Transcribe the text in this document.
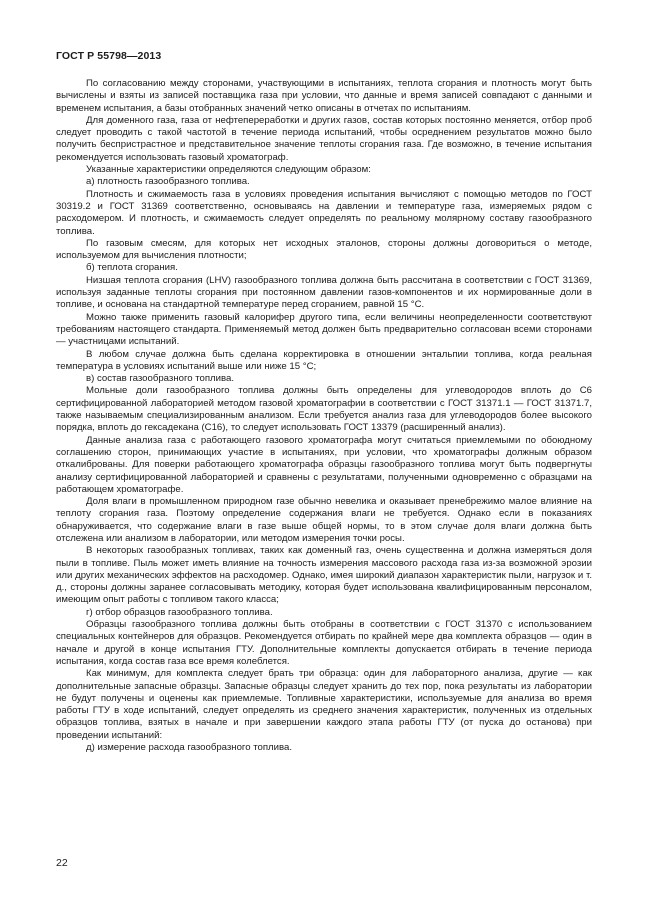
ГОСТ Р 55798—2013

По согласованию между сторонами, участвующими в испытаниях, теплота сгорания и плотность могут быть вычислены и взяты из записей поставщика газа при условии, что данные и время записей совпадают с данными и временем испытания, а базы отобранных значений четко описаны в отчетах по испытаниям.

Для доменного газа, газа от нефтепереработки и других газов, состав которых постоянно меняется, отбор проб следует проводить с такой частотой в течение периода испытаний, чтобы осреднением результатов можно было получить беспристрастное и представительное значение теплоты сгорания газа. Где возможно, в течение испытания рекомендуется использовать газовый хроматограф.

Указанные характеристики определяются следующим образом:

а) плотность газообразного топлива.

Плотность и сжимаемость газа в условиях проведения испытания вычисляют с помощью методов по ГОСТ 30319.2 и ГОСТ 31369 соответственно, основываясь на давлении и температуре газа, измеряемых рядом с расходомером. И плотность, и сжимаемость следует определять по реальному молярному составу газообразного топлива.

По газовым смесям, для которых нет исходных эталонов, стороны должны договориться о методе, используемом для вычисления плотности;

б) теплота сгорания.

Низшая теплота сгорания (LHV) газообразного топлива должна быть рассчитана в соответствии с ГОСТ 31369, используя заданные теплоты сгорания при постоянном давлении газов-компонентов и их нормированные доли в топливе, и основана на стандартной температуре перед сгоранием, равной 15 °С.

Можно также применить газовый калорифер другого типа, если величины неопределенности соответствуют требованиям настоящего стандарта. Применяемый метод должен быть предварительно согласован всеми сторонами — участницами испытаний.

В любом случае должна быть сделана корректировка в отношении энтальпии топлива, когда реальная температура в условиях испытаний выше или ниже 15 °С;

в) состав газообразного топлива.

Мольные доли газообразного топлива должны быть определены для углеводородов вплоть до С6 сертифицированной лабораторией методом газовой хроматографии в соответствии с ГОСТ 31371.1 — ГОСТ 31371.7, также называемым специализированным анализом. Если требуется анализ газа для углеводородов более высокого порядка, вплоть до гексадекана (С16), то следует использовать ГОСТ 13379 (расширенный анализ).

Данные анализа газа с работающего газового хроматографа могут считаться приемлемыми по обоюдному соглашению сторон, принимающих участие в испытаниях, при условии, что хроматографы должным образом откалиброваны. Для поверки работающего хроматографа образцы газообразного топлива могут быть подвергнуты анализу сертифицированной лабораторией и сравнены с результатами, полученными одновременно с образцами на работающем хроматографе.

Доля влаги в промышленном природном газе обычно невелика и оказывает пренебрежимо малое влияние на теплоту сгорания газа. Поэтому определение содержания влаги не требуется. Однако если в показаниях обнаруживается, что содержание влаги в газе выше общей нормы, то в этом случае доля влаги должна быть отслежена или анализом в лаборатории, или методом измерения точки росы.

В некоторых газообразных топливах, таких как доменный газ, очень существенна и должна измеряться доля пыли в топливе. Пыль может иметь влияние на точность измерения массового расхода газа из-за возможной эрозии или других механических эффектов на расходомер. Однако, имея широкий диапазон характеристик пыли, нагрузок и т. д., стороны должны заранее согласовывать методику, которая будет использована квалифицированным персоналом, имеющим опыт работы с топливом такого класса;

г) отбор образцов газообразного топлива.

Образцы газообразного топлива должны быть отобраны в соответствии с ГОСТ 31370 с использованием специальных контейнеров для образцов. Рекомендуется отбирать по крайней мере два комплекта образцов — один в начале и другой в конце испытания ГТУ. Дополнительные комплекты допускается отбирать в течение периода испытания, когда состав газа все время колеблется.

Как минимум, для комплекта следует брать три образца: один для лабораторного анализа, другие — как дополнительные запасные образцы. Запасные образцы следует хранить до тех пор, пока результаты из лаборатории не будут получены и оценены как приемлемые. Топливные характеристики, используемые для анализа во время работы ГТУ в ходе испытаний, следует определять из среднего значения характеристик, полученных из отдельных образцов топлива, взятых в начале и при завершении каждого этапа работы ГТУ (от пуска до останова) при проведении испытаний:

д) измерение расхода газообразного топлива.

22
